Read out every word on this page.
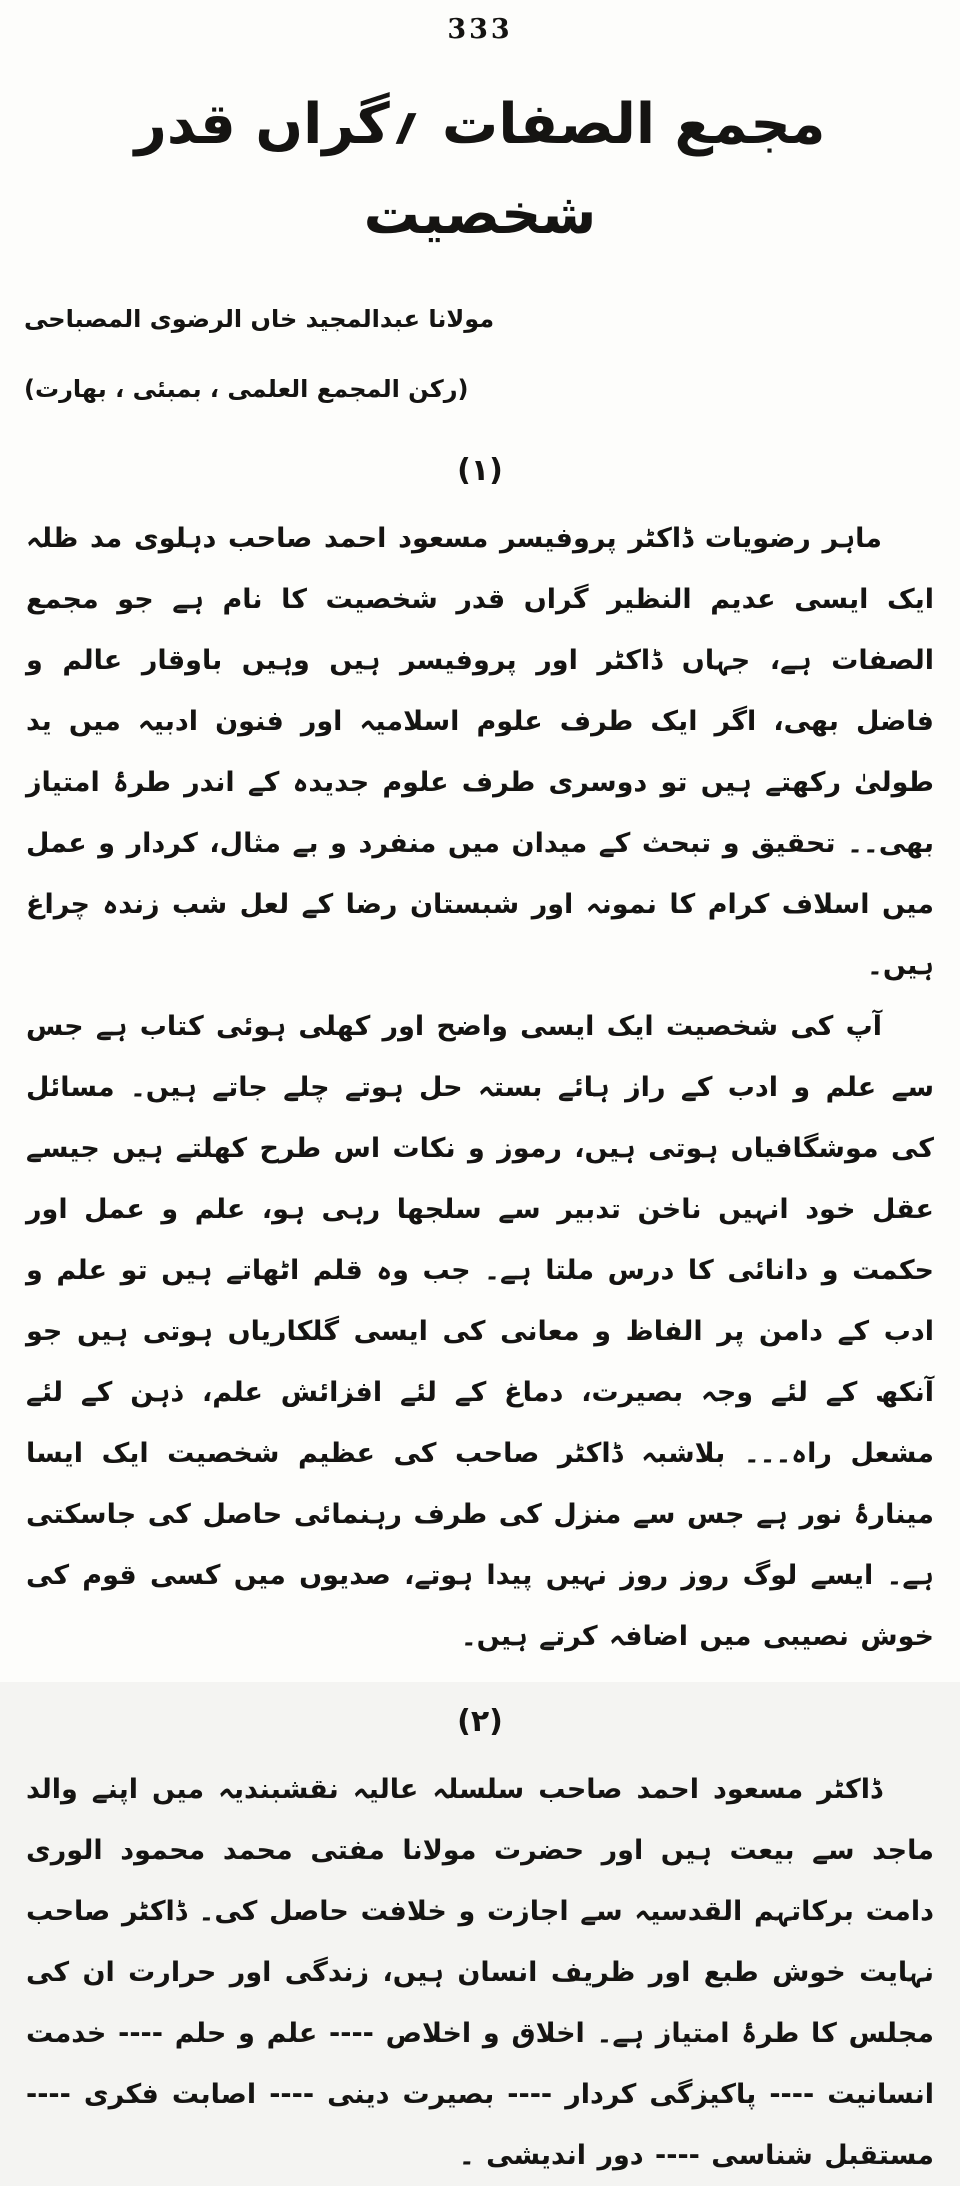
333
مجمع الصفات ؍گراں قدر شخصیت
مولانا عبدالمجید خاں الرضوی المصباحی
(رکن المجمع العلمی ، بمبئی ، بھارت)
(۱)

ماہر رضویات ڈاکٹر پروفیسر مسعود احمد صاحب دہلوی مد ظلہ ایک ایسی عدیم النظیر گراں قدر شخصیت کا نام ہے جو مجمع الصفات ہے، جہاں ڈاکٹر اور پروفیسر ہیں وہیں باوقار عالم و فاضل بھی، اگر ایک طرف علوم اسلامیہ اور فنون ادبیہ میں ید طولیٰ رکھتے ہیں تو دوسری طرف علوم جدیدہ کے اندر طرۂ امتیاز بھی۔۔ تحقیق و تبحث کے میدان میں منفرد و بے مثال، کردار و عمل میں اسلاف کرام کا نمونہ اور شبستان رضا کے لعل شب زندہ چراغ ہیں۔

آپ کی شخصیت ایک ایسی واضح اور کھلی ہوئی کتاب ہے جس سے علم و ادب کے راز ہائے بستہ حل ہوتے چلے جاتے ہیں۔ مسائل کی موشگافیاں ہوتی ہیں، رموز و نکات اس طرح کھلتے ہیں جیسے عقل خود انہیں ناخن تدبیر سے سلجھا رہی ہو، علم و عمل اور حکمت و دانائی کا درس ملتا ہے۔ جب وہ قلم اٹھاتے ہیں تو علم و ادب کے دامن پر الفاظ و معانی کی ایسی گلکاریاں ہوتی ہیں جو آنکھ کے لئے وجہ بصیرت، دماغ کے لئے افزائش علم، ذہن کے لئے مشعل راہ۔۔۔ بلاشبہ ڈاکٹر صاحب کی عظیم شخصیت ایک ایسا مینارۂ نور ہے جس سے منزل کی طرف رہنمائی حاصل کی جاسکتی ہے۔ ایسے لوگ روز روز نہیں پیدا ہوتے، صدیوں میں کسی قوم کی خوش نصیبی میں اضافہ کرتے ہیں۔

(۲)

ڈاکٹر مسعود احمد صاحب سلسلہ عالیہ نقشبندیہ میں اپنے والد ماجد سے بیعت ہیں اور حضرت مولانا مفتی محمد محمود الوری دامت برکاتہم القدسیہ سے اجازت و خلافت حاصل کی۔ ڈاکٹر صاحب نہایت خوش طبع اور ظریف انسان ہیں، زندگی اور حرارت ان کی مجلس کا طرۂ امتیاز ہے۔ اخلاق و اخلاص ---- علم و حلم ---- خدمت انسانیت ---- پاکیزگی کردار ---- بصیرت دینی ---- اصابت فکری ---- مستقبل شناسی ---- دور اندیشی ۔
